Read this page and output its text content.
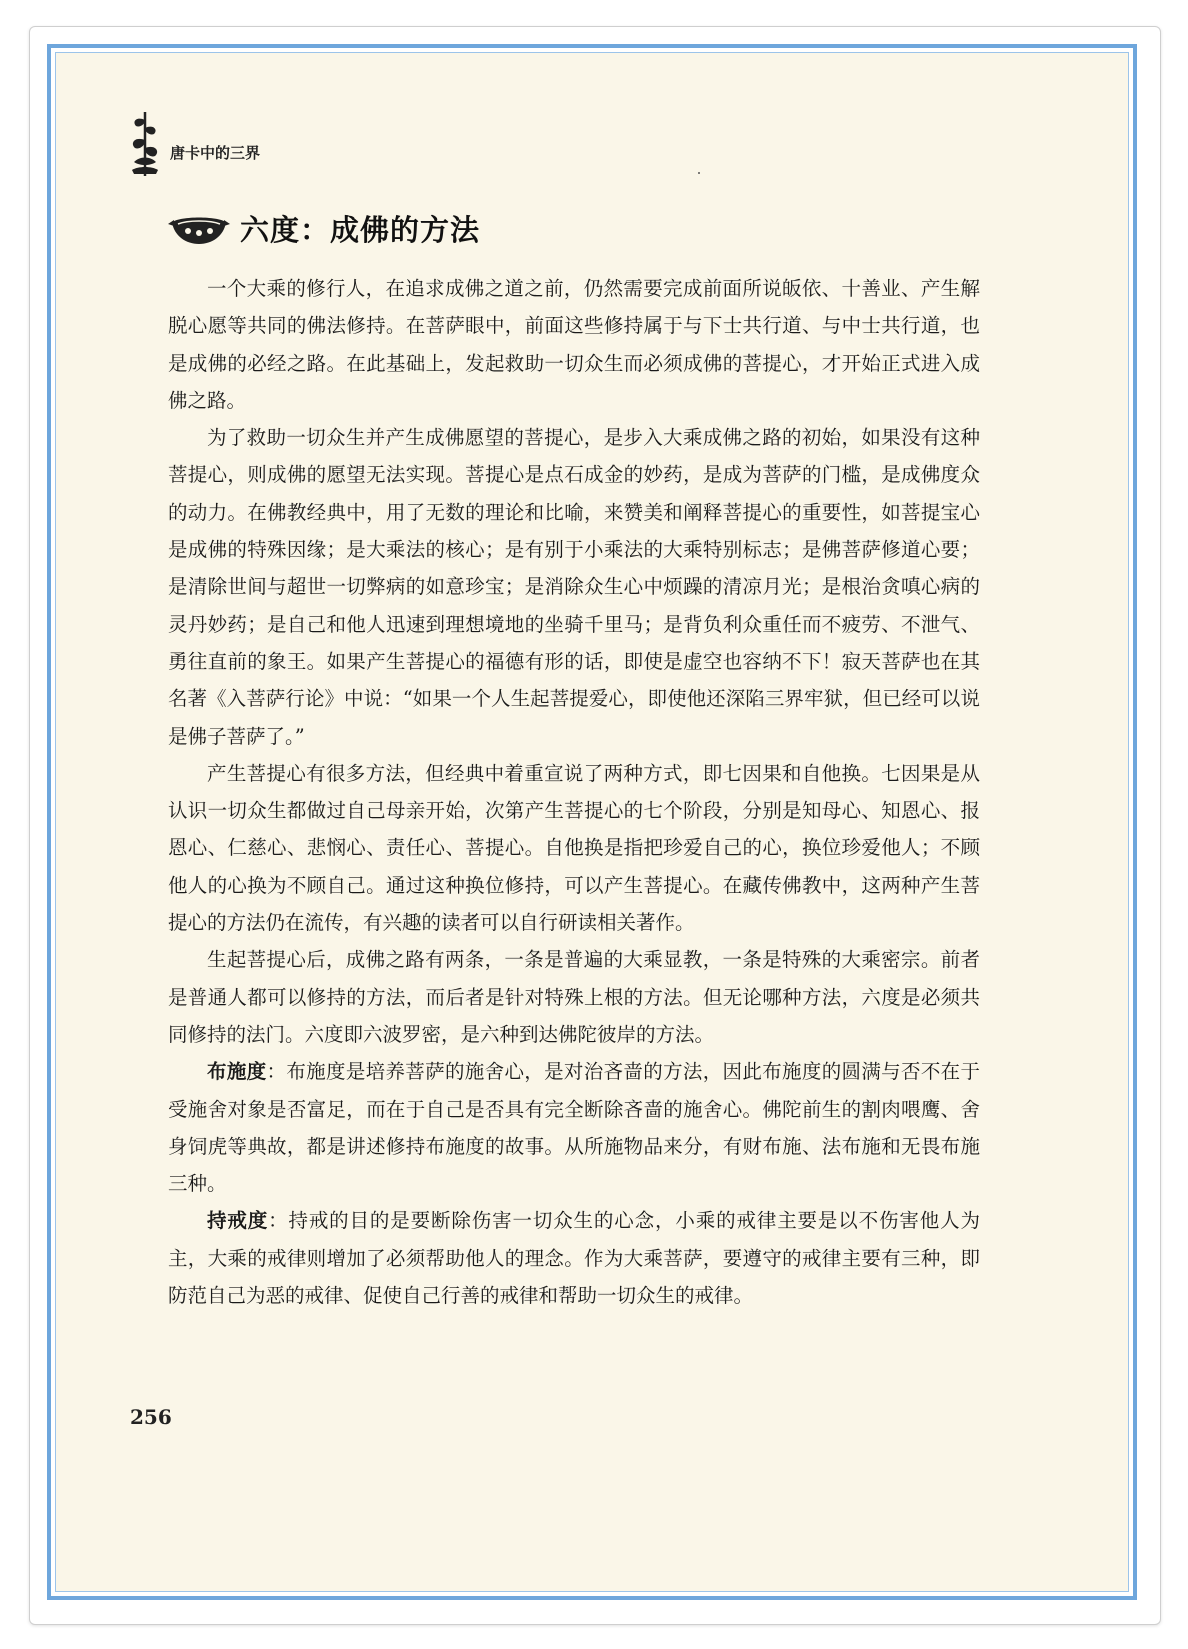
唐卡中的三界
六度：成佛的方法

一个大乘的修行人，在追求成佛之道之前，仍然需要完成前面所说皈依、十善业、产生解脱心愿等共同的佛法修持。在菩萨眼中，前面这些修持属于与下士共行道、与中士共行道，也是成佛的必经之路。在此基础上，发起救助一切众生而必须成佛的菩提心，才开始正式进入成佛之路。

为了救助一切众生并产生成佛愿望的菩提心，是步入大乘成佛之路的初始，如果没有这种菩提心，则成佛的愿望无法实现。菩提心是点石成金的妙药，是成为菩萨的门槛，是成佛度众的动力。在佛教经典中，用了无数的理论和比喻，来赞美和阐释菩提心的重要性，如菩提宝心是成佛的特殊因缘；是大乘法的核心；是有别于小乘法的大乘特别标志；是佛菩萨修道心要；是清除世间与超世一切弊病的如意珍宝；是消除众生心中烦躁的清凉月光；是根治贪嗔心病的灵丹妙药；是自己和他人迅速到理想境地的坐骑千里马；是背负利众重任而不疲劳、不泄气、勇往直前的象王。如果产生菩提心的福德有形的话，即使是虚空也容纳不下！寂天菩萨也在其名著《入菩萨行论》中说：“如果一个人生起菩提爱心，即使他还深陷三界牢狱，但已经可以说是佛子菩萨了。”

产生菩提心有很多方法，但经典中着重宣说了两种方式，即七因果和自他换。七因果是从认识一切众生都做过自己母亲开始，次第产生菩提心的七个阶段，分别是知母心、知恩心、报恩心、仁慈心、悲悯心、责任心、菩提心。自他换是指把珍爱自己的心，换位珍爱他人；不顾他人的心换为不顾自己。通过这种换位修持，可以产生菩提心。在藏传佛教中，这两种产生菩提心的方法仍在流传，有兴趣的读者可以自行研读相关著作。

生起菩提心后，成佛之路有两条，一条是普遍的大乘显教，一条是特殊的大乘密宗。前者是普通人都可以修持的方法，而后者是针对特殊上根的方法。但无论哪种方法，六度是必须共同修持的法门。六度即六波罗密，是六种到达佛陀彼岸的方法。

布施度：布施度是培养菩萨的施舍心，是对治吝啬的方法，因此布施度的圆满与否不在于受施舍对象是否富足，而在于自己是否具有完全断除吝啬的施舍心。佛陀前生的割肉喂鹰、舍身饲虎等典故，都是讲述修持布施度的故事。从所施物品来分，有财布施、法布施和无畏布施三种。

持戒度：持戒的目的是要断除伤害一切众生的心念，小乘的戒律主要是以不伤害他人为主，大乘的戒律则增加了必须帮助他人的理念。作为大乘菩萨，要遵守的戒律主要有三种，即防范自己为恶的戒律、促使自己行善的戒律和帮助一切众生的戒律。

256
